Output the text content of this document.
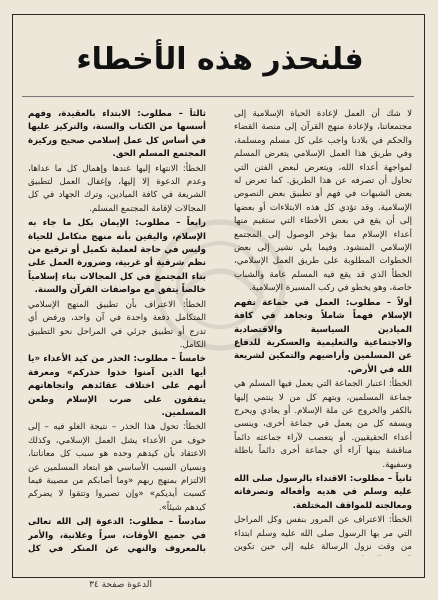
فلنحذر هذه الأخطاء

لا شك أن العمل لإعادة الحياة الإسلامية إلى مجتمعاتنا، ولإعادة منهج القرآن إلى منصة القضاء والحكم في بلادنا واجب على كل مسلم ومسلمة، وفي طريق هذا العمل الإسلامي يتعرض المسلم لمواجهة أعداء الله، ويتعرض لبعض الفتن التي تحاول أن تصرفه عن هذا الطريق. كما تعرض له بعض الشبهات في فهم أو تطبيق بعض النصوص الإسلامية. وقد تؤدي كل هذه الابتلاءات أو بعضها إلى أن يقع في بعض الأخطاء التي ستقيم منها أعداء الإسلام مما يؤخر الوصول إلى المجتمع الإسلامي المنشود. وفيما يلي نشير إلى بعض الخطوات المطلوبة على طريق العمل الإسلامي، الخطأ الذي قد يقع فيه المسلم عامة والشباب خاصة، وهو يخطو في ركب المسيرة الإسلامية.

أولاً – مطلوب: العمل في جماعة تفهم الإسلام فهماً شاملاً وتجاهد في كافة الميادين السياسية والاقتصادية والاجتماعية والتعليمية والعسكرية للدفاع عن المسلمين وأراضيهم والتمكين لشريعة الله في الأرض.

الخطأ: اعتبار الجماعة التي يعمل فيها المسلم هي جماعة المسلمين، وبتهم كل من لا ينتمي إليها بالكفر والخروج عن ملة الإسلام. أو يعادي ويحرج ويسفه كل من يعمل في جماعة أخرى، وينسى أعداء الحقيقيين. أو يتعصب لآراء جماعته دائماً مناقشة بينها آراء أي جماعة أخرى دائماً باطلة وسفيهة.

ثانياً – مطلوب: الاقتداء بالرسول صلى الله عليه وسلم في هديه وأفعاله وتصرفاته ومعالجته للمواقف المختلفة.

الخطأ: الاعتراف عن المرور بنفس وكل المراحل التي مر بها الرسول صلى الله عليه وسلم ابتداء من وقت نزول الرسالة عليه إلى حين تكوين

ثالثاً – مطلوب: الابتداء بالعقيدة، وفهم أسسها من الكتاب والسنة، والتركيز عليها في أساس كل عمل إسلامي صحيح وركيزة المجتمع المسلم الحق.

الخطأ: الانتهاء إليها عندها وإهمال كل ما عداها، وعدم الدعوة إلا إليها، وإغفال العمل لتطبيق الشريعة في كافة الميادين، وترك الجهاد في كل المجالات لإقامة المجتمع المسلم.

رابعاً – مطلوب: الإيمان بكل ما جاء به الإسلام، واليقين بأنه منهج متكامل للحياة وليس في حاجة لعملية تكميل أو ترقيع من نظم شرقية أو غربية، وضرورة العمل على بناء المجتمع في كل المجالات بناء إسلامياً خالصاً يتفق مع مواصفات القرآن والسنة.

الخطأ: الاعتراف بأن تطبيق المنهج الإسلامي المتكامل دفعة واحدة في آن واحد، ورفض أي تدرج أو تطبيق جزئي في المراحل نحو التطبيق الكامل.

خامساً – مطلوب: الحذر من كيد الأعداء «يا أيها الذين آمنوا خذوا حذركم» ومعرفة أنهم على اختلاف عقائدهم واتجاهاتهم يتفقون على ضرب الإسلام وطعن المسلمين.

الخطأ: تحول هذا الحذر – نتيجة الغلو فيه – إلى خوف من الأعداء يشل العمل الإسلامي، وكذلك الاعتقاد بأن كيدهم وحده هو سبب كل معاناتنا، ونسيان السبب الأساسي هو ابتعاد المسلمين عن الالتزام بمنهج ربهم «وما أصابكم من مصيبة فيما كسبت أيديكم» «وإن تصبروا وتتقوا لا يضركم كيدهم شيئاً».

سادساً – مطلوب: الدعوة إلى الله تعالى في جميع الأوقات، سراً وعلانية، والأمر بالمعروف والنهي عن المنكر في كل

الدعوة صفحة ٣٤
